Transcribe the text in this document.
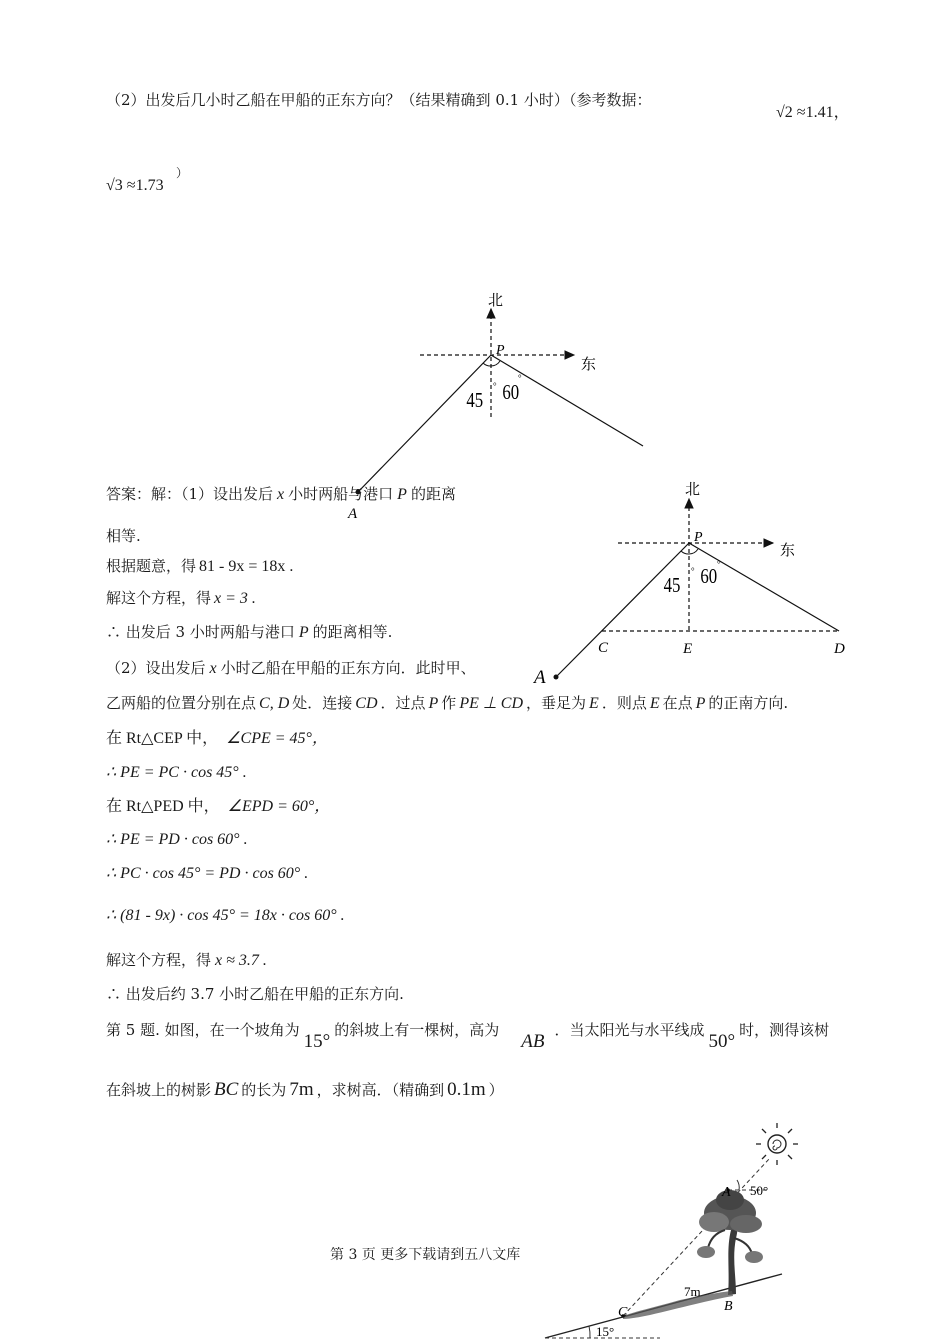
（2）出发后几小时乙船在甲船的正东方向？（结果精确到 0.1 小时）（参考数据：
√2 ≈1.41，
√3 ≈1.73
）
北
东
P
A
45 60
°
°
答案：解：（1）设出发后 x 小时两船与港口 P 的距离
相等.
根据题意，得 81 - 9x = 18x .
解这个方程，得 x = 3 .
∴ 出发后 3 小时两船与港口 P 的距离相等.
北
东
P
A
C	E	D
45 60
°
°
（2）设出发后 x 小时乙船在甲船的正东方向．此时甲、
乙两船的位置分别在点 C, D 处．连接 CD ．过点 P 作 PE ⊥ CD ，垂足为 E ．则点 E 在点 P 的正南方向.
在 Rt△CEP 中， ∠CPE = 45°，
∴ PE = PC · cos 45° .
在 Rt△PED 中， ∠EPD = 60°，
∴ PE = PD · cos 60° .
∴ PC · cos 45° = PD · cos 60° .
∴ (81 - 9x) · cos 45° = 18x · cos 60° .
解这个方程，得 x ≈ 3.7 .
∴ 出发后约 3.7 小时乙船在甲船的正东方向.
第 5 题. 如图，在一个坡角为15°的斜坡上有一棵树，高为AB．当太阳光与水平线成50°时，测得该树
在斜坡上的树影 BC 的长为 7m ，求树高．（精确到 0.1m ）
A
B
C
50°
15°
7m
第 3 页 更多下载请到五八文库
